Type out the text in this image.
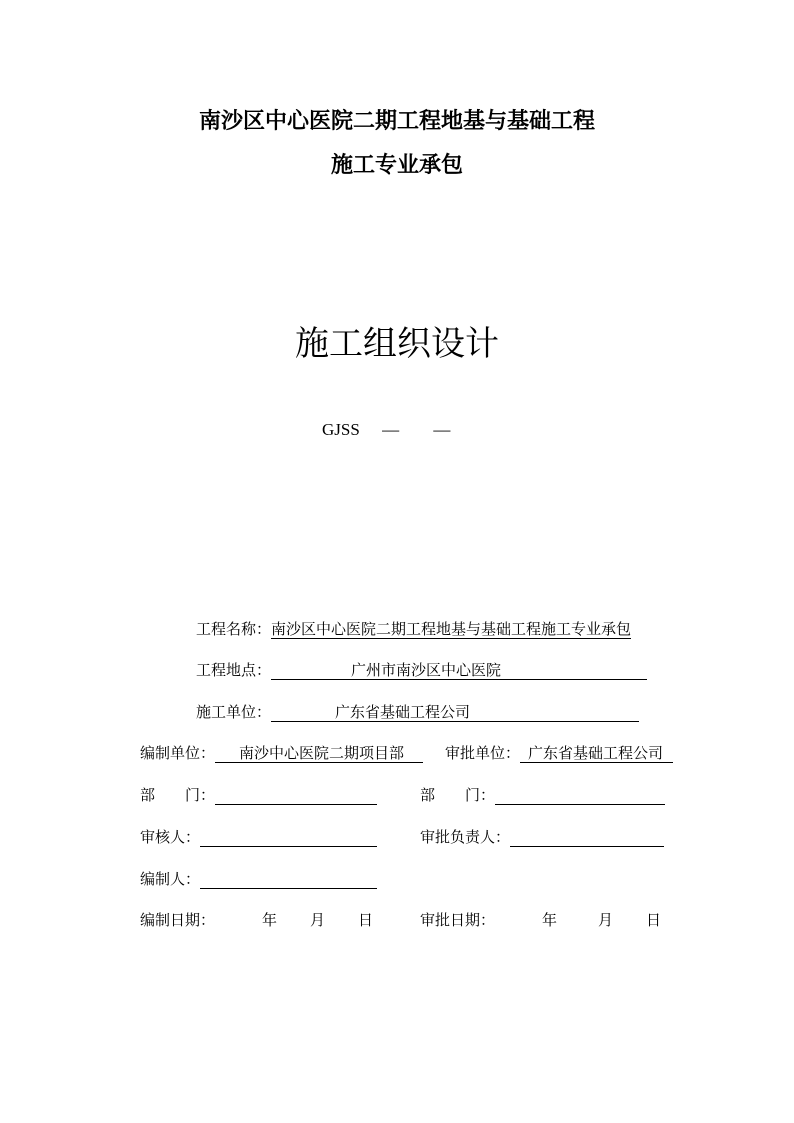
南沙区中心医院二期工程地基与基础工程
施工专业承包
施工组织设计
GJSS — —
工程名称：南沙区中心医院二期工程地基与基础工程施工专业承包
工程地点：	广州市南沙区中心医院
施工单位：	广东省基础工程公司
编制单位： 南沙中心医院二期项目部	审批单位： 广东省基础工程公司
部　　门：	部　　门：
审核人：	审批负责人：
编制人：
编制日期：	年 月 日	审批日期：	年	月 日
